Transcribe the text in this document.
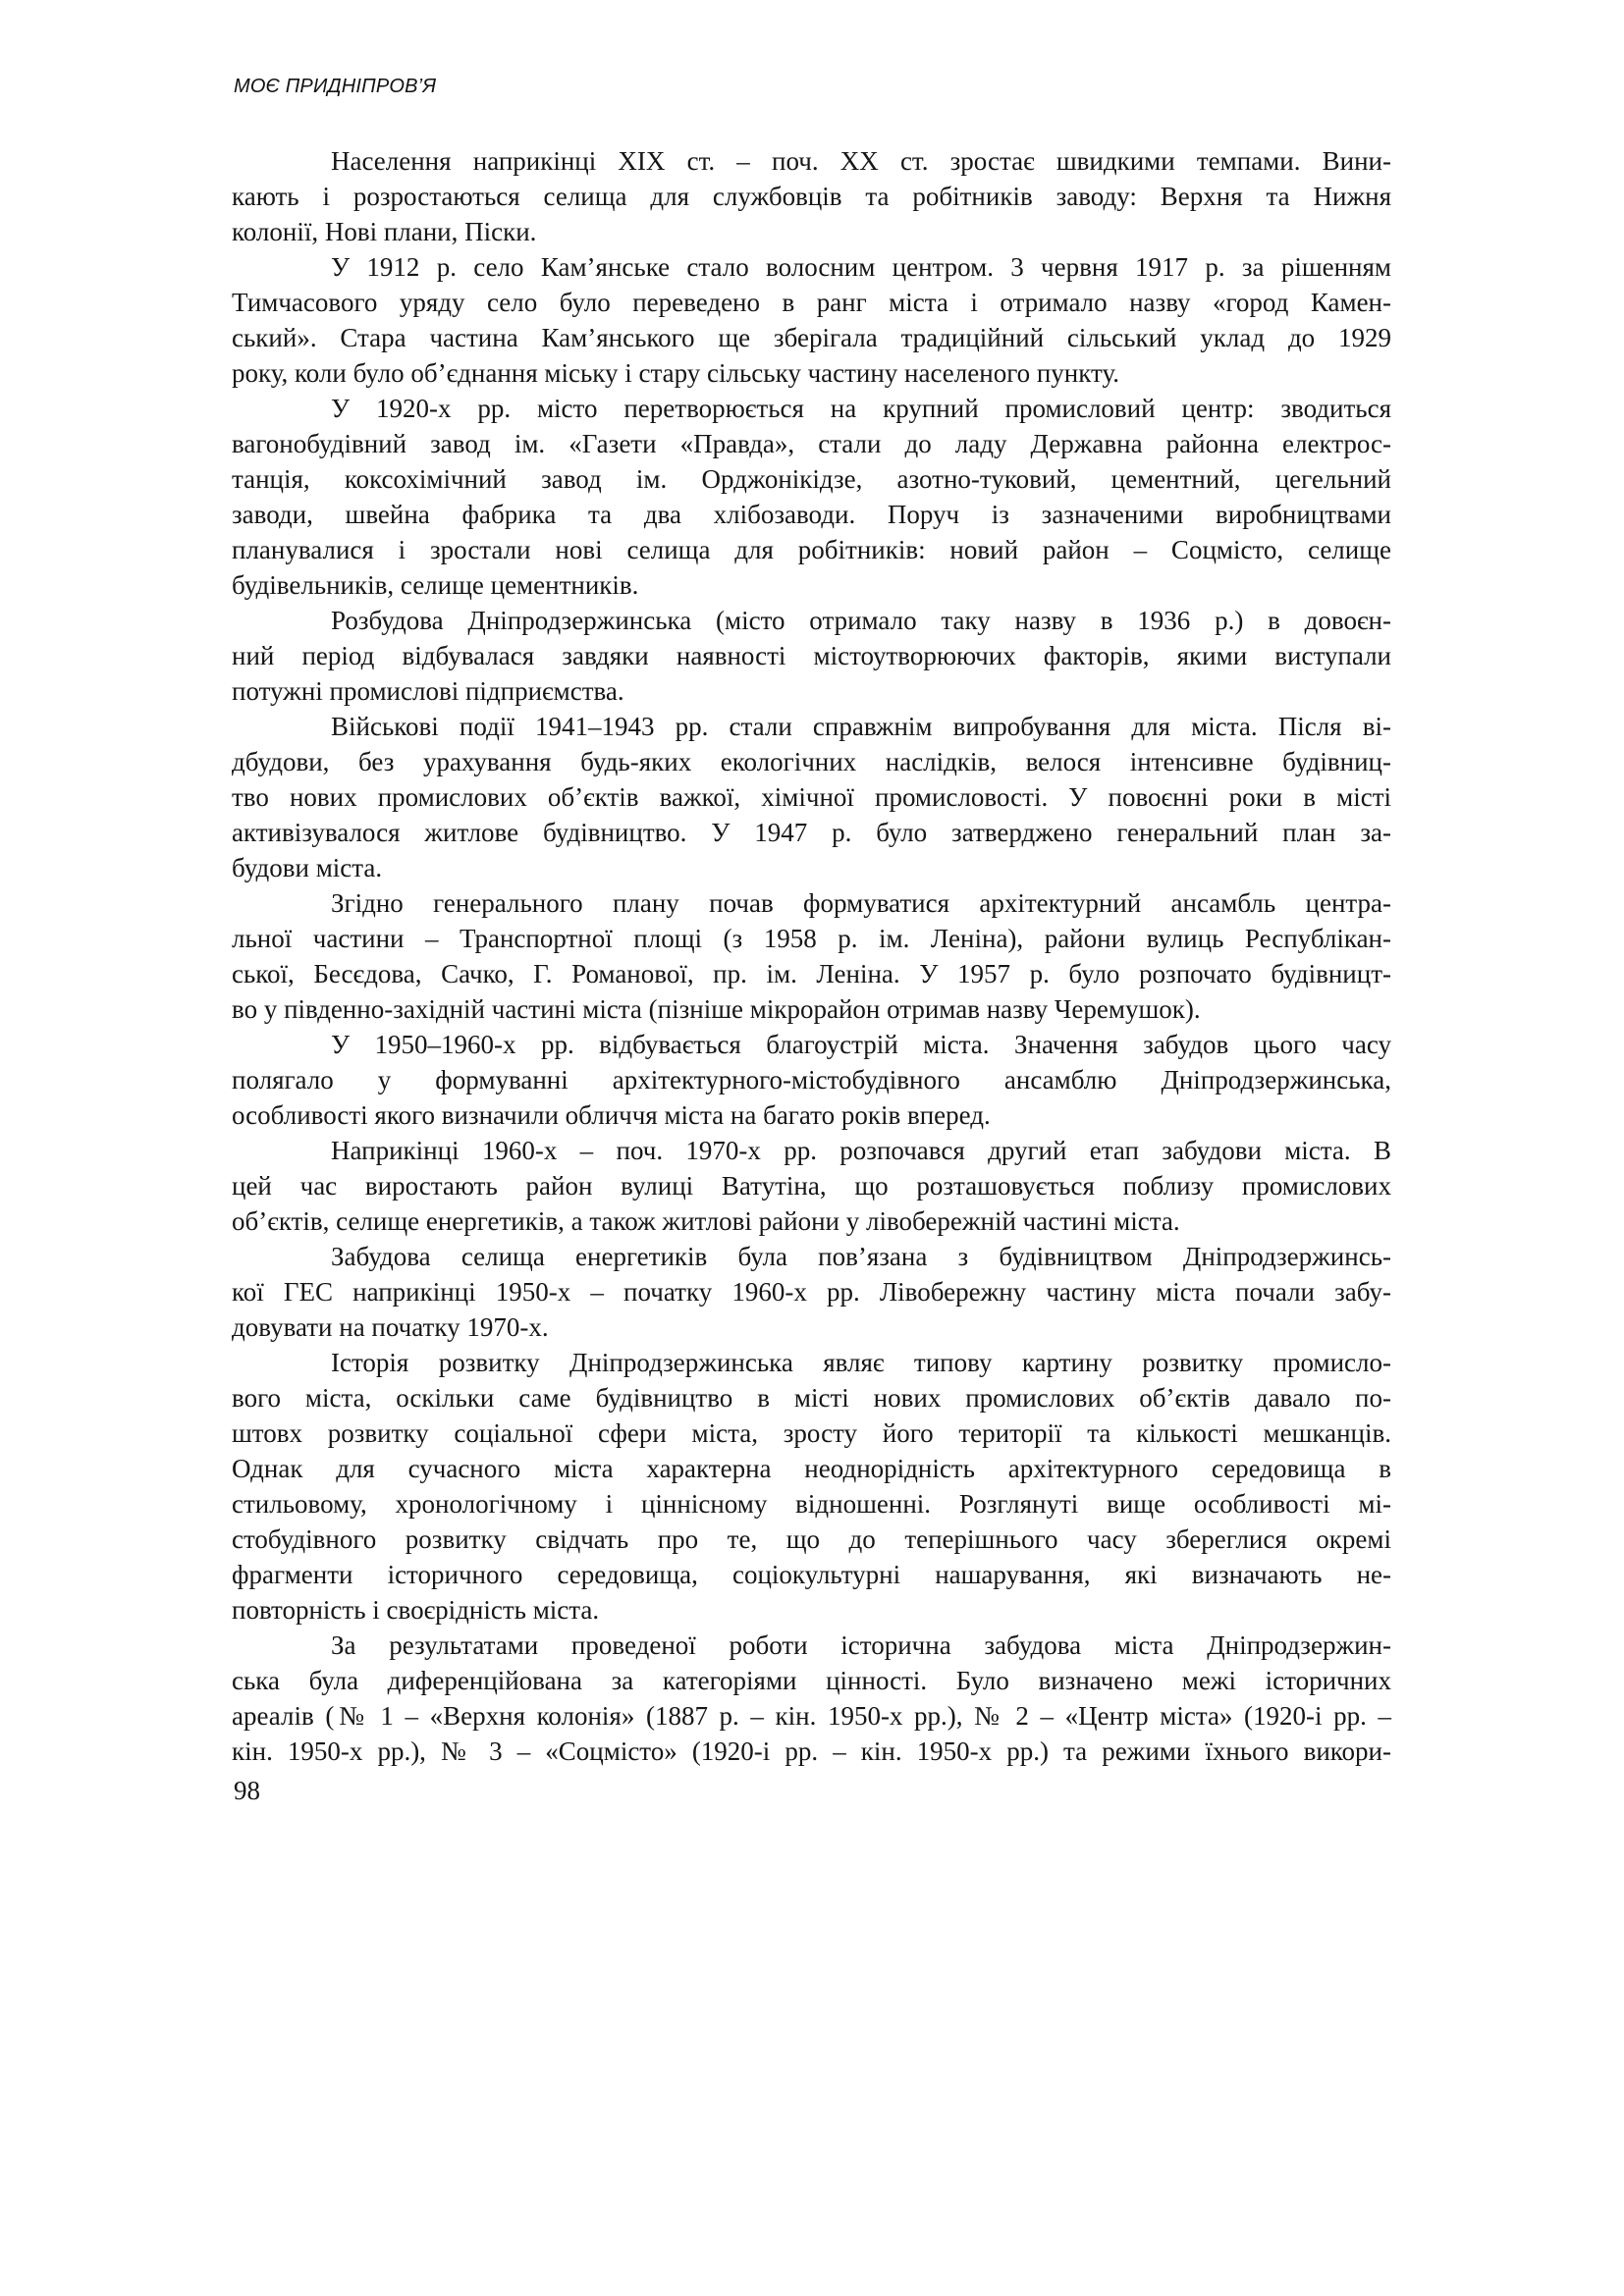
МОЄ ПРИДНІПРОВ’Я
Населення наприкінці XIX ст. – поч. XX ст. зростає швидкими темпами. Вини-
кають і розростаються селища для службовців та робітників заводу: Верхня та Нижня
колонії, Нові плани, Піски.
У 1912 р. село Кам’янське стало волосним центром. 3 червня 1917 р. за рішенням
Тимчасового уряду село було переведено в ранг міста і отримало назву «город Камен-
ський». Стара частина Кам’янського ще зберігала традиційний сільський уклад до 1929
року, коли було об’єднання міську і стару сільську частину населеного пункту.
У 1920-х рр. місто перетворюється на крупний промисловий центр: зводиться
вагонобудівний завод ім. «Газети «Правда», стали до ладу Державна районна електрос-
танція, коксохімічний завод ім. Орджонікідзе, азотно-туковий, цементний, цегельний
заводи, швейна фабрика та два хлібозаводи. Поруч із зазначеними виробництвами
планувалися і зростали нові селища для робітників: новий район – Соцмісто, селище
будівельників, селище цементників.
Розбудова Дніпродзержинська (місто отримало таку назву в 1936 р.) в довоєн-
ний період відбувалася завдяки наявності містоутворюючих факторів, якими виступали
потужні промислові підприємства.
Військові події 1941–1943 рр. стали справжнім випробування для міста. Після ві-
дбудови, без урахування будь-яких екологічних наслідків, велося інтенсивне будівниц-
тво нових промислових об’єктів важкої, хімічної промисловості. У повоєнні роки в місті
активізувалося житлове будівництво. У 1947 р. було затверджено генеральний план за-
будови міста.
Згідно генерального плану почав формуватися архітектурний ансамбль центра-
льної частини – Транспортної площі (з 1958 р. ім. Леніна), райони вулиць Республікан-
ської, Бесєдова, Сачко, Г. Романової, пр. ім. Леніна. У 1957 р. було розпочато будівницт-
во у південно-західній частині міста (пізніше мікрорайон отримав назву Черемушок).
У 1950–1960-х рр. відбувається благоустрій міста. Значення забудов цього часу
полягало у формуванні архітектурного-містобудівного ансамблю Дніпродзержинська,
особливості якого визначили обличчя міста на багато років вперед.
Наприкінці 1960-х – поч. 1970-х рр. розпочався другий етап забудови міста. В
цей час виростають район вулиці Ватутіна, що розташовується поблизу промислових
об’єктів, селище енергетиків, а також житлові райони у лівобережній частині міста.
Забудова селища енергетиків була пов’язана з будівництвом Дніпродзержинсь-
кої ГЕС наприкінці 1950-х – початку 1960-х рр. Лівобережну частину міста почали забу-
довувати на початку 1970-х.
Історія розвитку Дніпродзержинська являє типову картину розвитку промисло-
вого міста, оскільки саме будівництво в місті нових промислових об’єктів давало по-
штовх розвитку соціальної сфери міста, зросту його території та кількості мешканців.
Однак для сучасного міста характерна неоднорідність архітектурного середовища в
стильовому, хронологічному і ціннісному відношенні. Розглянуті вище особливості мі-
стобудівного розвитку свідчать про те, що до теперішнього часу збереглися окремі
фрагменти історичного середовища, соціокультурні нашарування, які визначають не-
повторність і своєрідність міста.
За результатами проведеної роботи історична забудова міста Дніпродзержин-
ська була диференційована за категоріями цінності. Було визначено межі історичних
ареалів (№ 1 – «Верхня колонія» (1887 р. – кін. 1950-х рр.), № 2 – «Центр міста» (1920-і рр. –
кін. 1950-х рр.), № 3 – «Соцмісто» (1920-і рр. – кін. 1950-х рр.) та режими їхнього викори-
98
